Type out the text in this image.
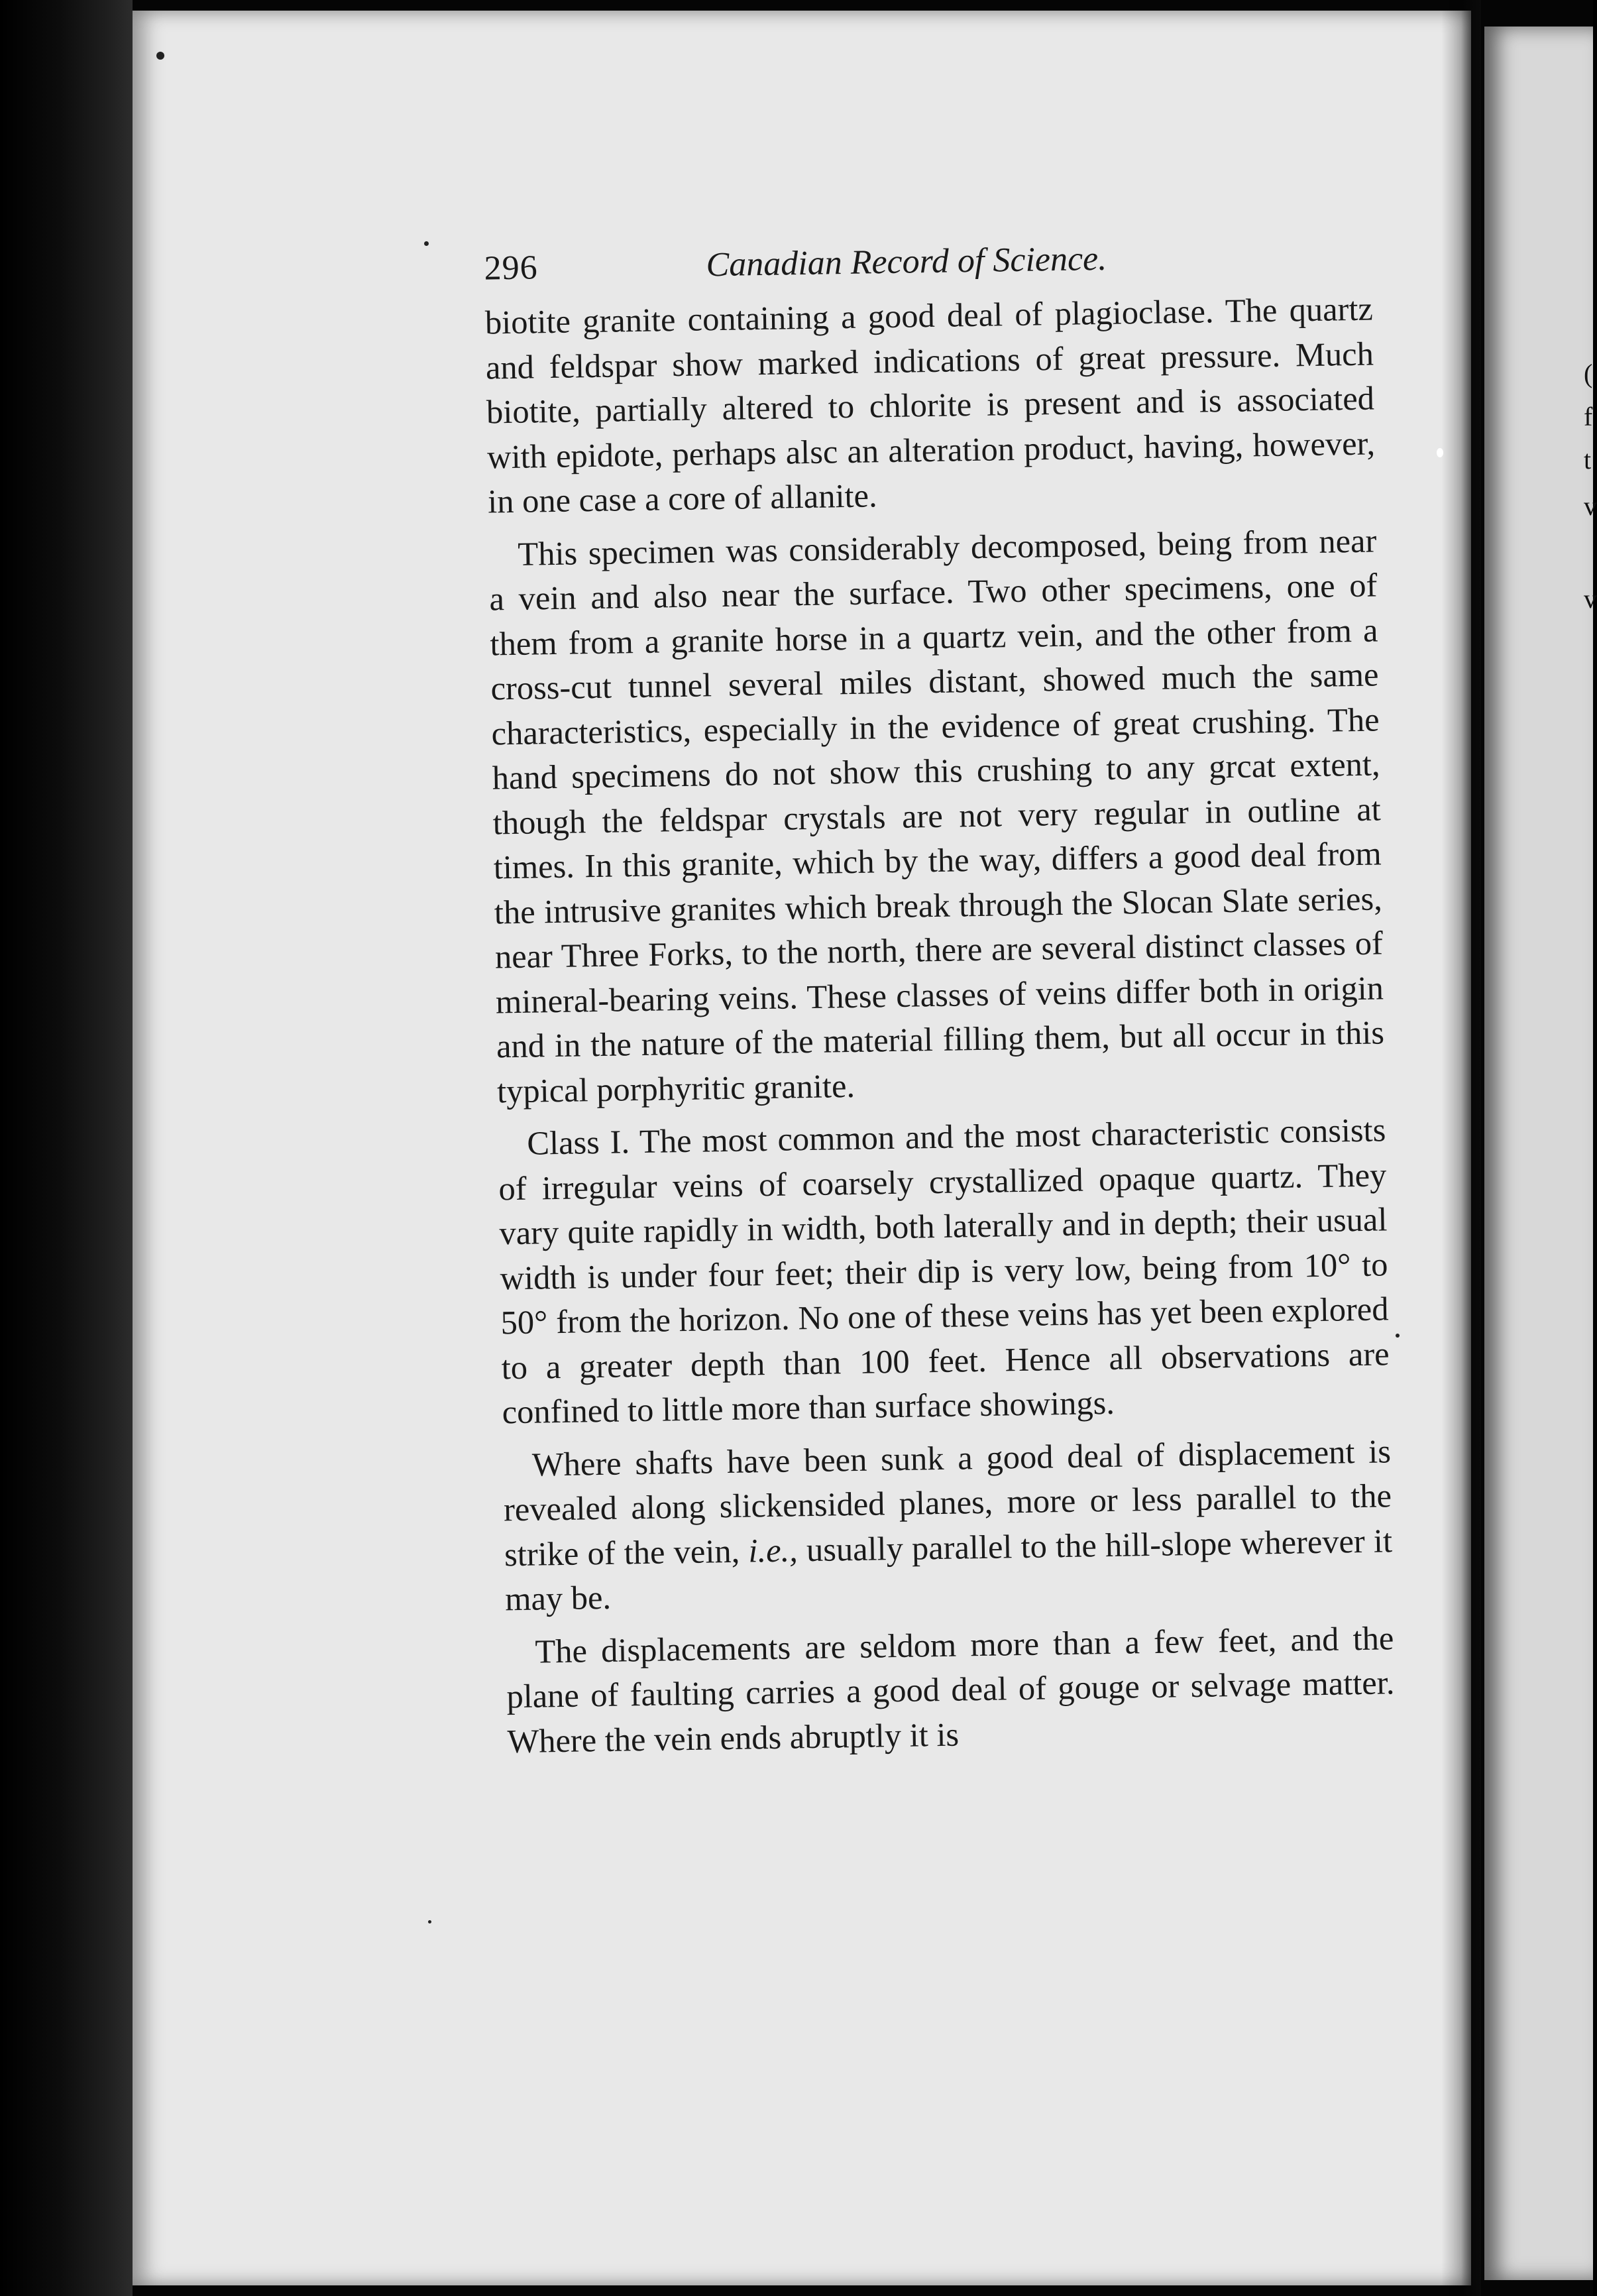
(
f
t
v
v
296	Canadian Record of Science.

biotite granite containing a good deal of plagioclase. The quartz and feldspar show marked indications of great pressure. Much biotite, partially altered to chlorite is present and is associated with epidote, perhaps alsc an alteration product, having, however, in one case a core of allanite.

This specimen was considerably decomposed, being from near a vein and also near the surface. Two other specimens, one of them from a granite horse in a quartz vein, and the other from a cross-cut tunnel several miles distant, showed much the same characteristics, especially in the evidence of great crushing. The hand specimens do not show this crushing to any grcat extent, though the feldspar crystals are not very regular in outline at times. In this granite, which by the way, differs a good deal from the intrusive granites which break through the Slocan Slate series, near Three Forks, to the north, there are several distinct classes of mineral-bearing veins. These classes of veins differ both in origin and in the nature of the material filling them, but all occur in this typical porphyritic granite.

Class I. The most common and the most characteristic consists of irregular veins of coarsely crystallized opaque quartz. They vary quite rapidly in width, both laterally and in depth; their usual width is under four feet; their dip is very low, being from 10° to 50° from the horizon. No one of these veins has yet been explored to a greater depth than 100 feet. Hence all observations are confined to little more than surface showings.

Where shafts have been sunk a good deal of displacement is revealed along slickensided planes, more or less parallel to the strike of the vein, i.e., usually parallel to the hill-slope wherever it may be.

The displacements are seldom more than a few feet, and the plane of faulting carries a good deal of gouge or selvage matter. Where the vein ends abruptly it is
